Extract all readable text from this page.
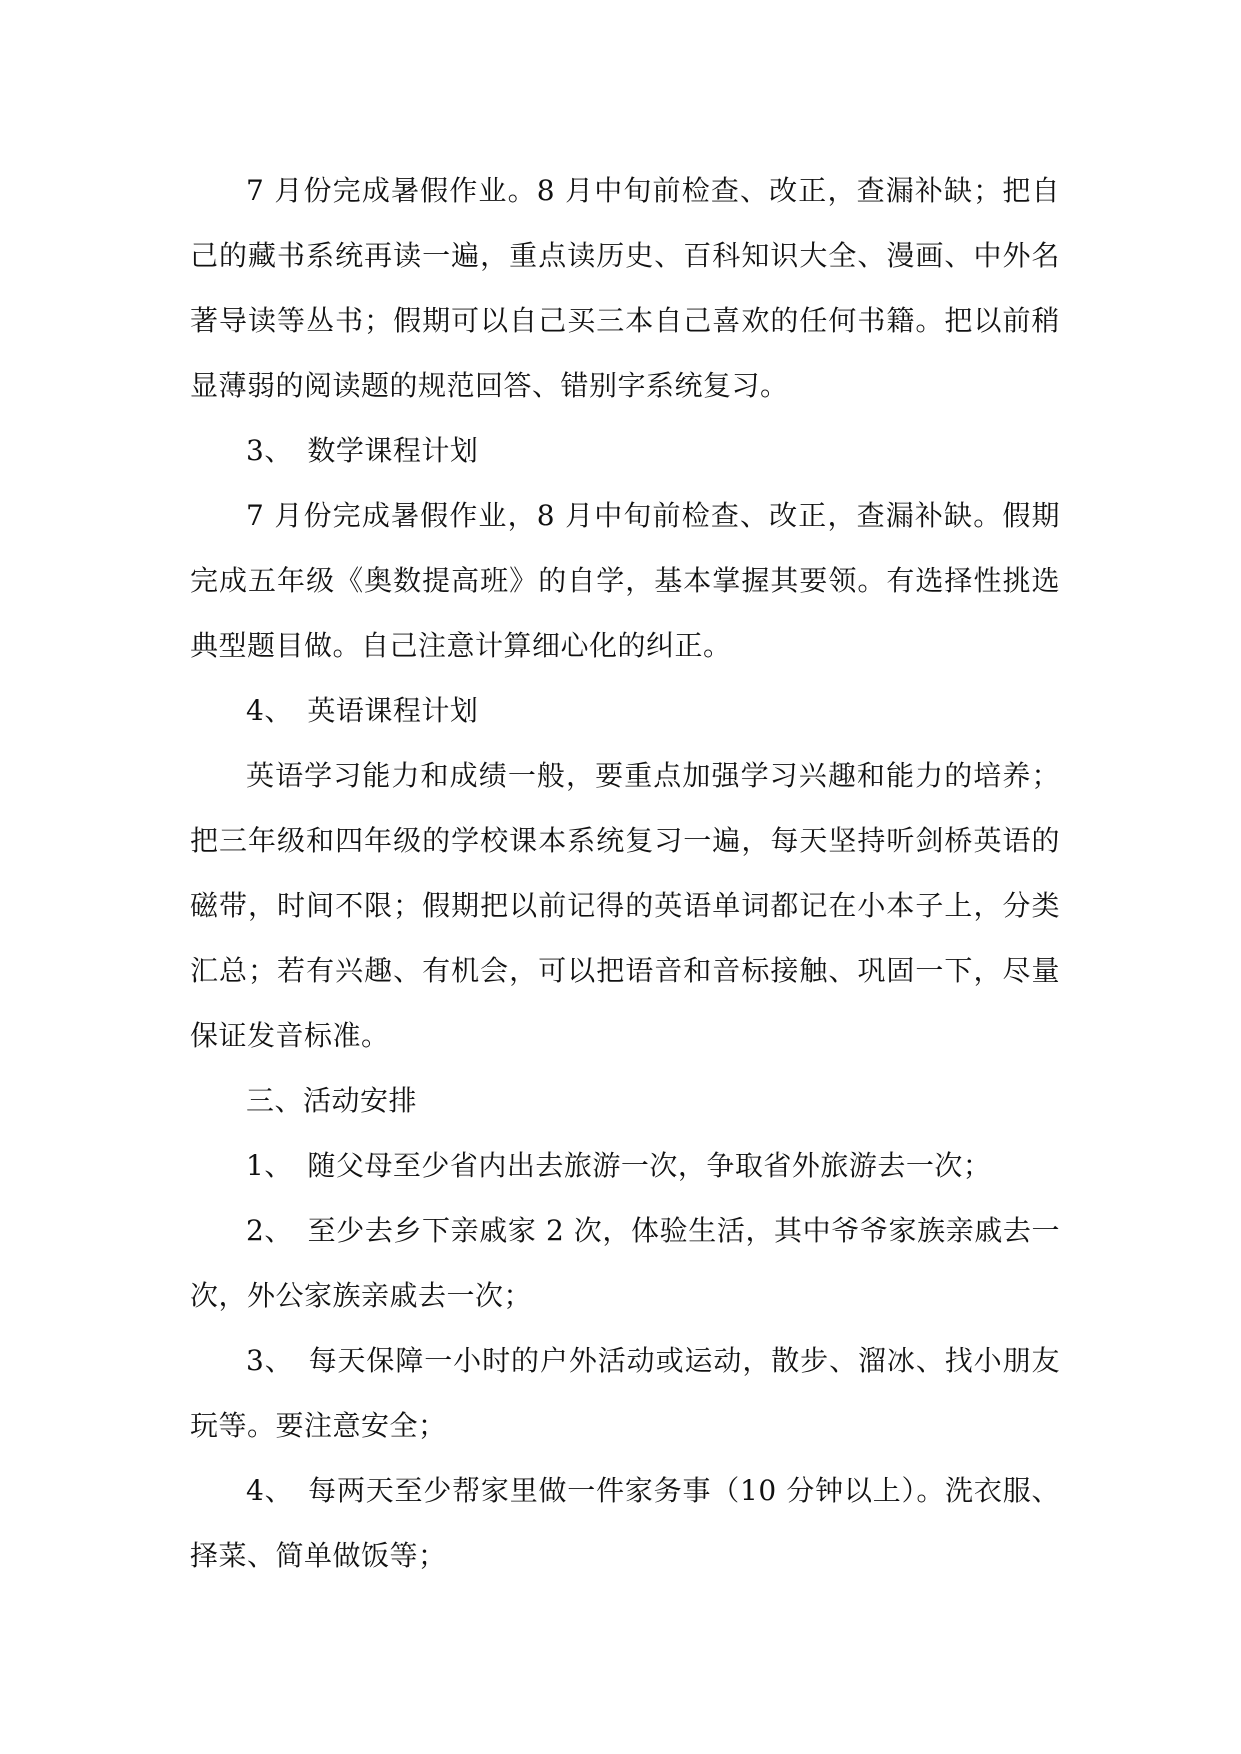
7 月份完成暑假作业。8 月中旬前检查、改正，查漏补缺；把自己的藏书系统再读一遍，重点读历史、百科知识大全、漫画、中外名著导读等丛书；假期可以自己买三本自己喜欢的任何书籍。把以前稍显薄弱的阅读题的规范回答、错别字系统复习。

3、　数学课程计划

7 月份完成暑假作业，8 月中旬前检查、改正，查漏补缺。假期完成五年级《奥数提高班》的自学，基本掌握其要领。有选择性挑选典型题目做。自己注意计算细心化的纠正。

4、　英语课程计划

英语学习能力和成绩一般，要重点加强学习兴趣和能力的培养；把三年级和四年级的学校课本系统复习一遍，每天坚持听剑桥英语的磁带，时间不限；假期把以前记得的英语单词都记在小本子上，分类汇总；若有兴趣、有机会，可以把语音和音标接触、巩固一下，尽量保证发音标准。

三、活动安排

1、　随父母至少省内出去旅游一次，争取省外旅游去一次；

2、　至少去乡下亲戚家 2 次，体验生活，其中爷爷家族亲戚去一次，外公家族亲戚去一次；

3、　每天保障一小时的户外活动或运动，散步、溜冰、找小朋友玩等。要注意安全；

4、　每两天至少帮家里做一件家务事（10 分钟以上）。洗衣服、择菜、简单做饭等；
